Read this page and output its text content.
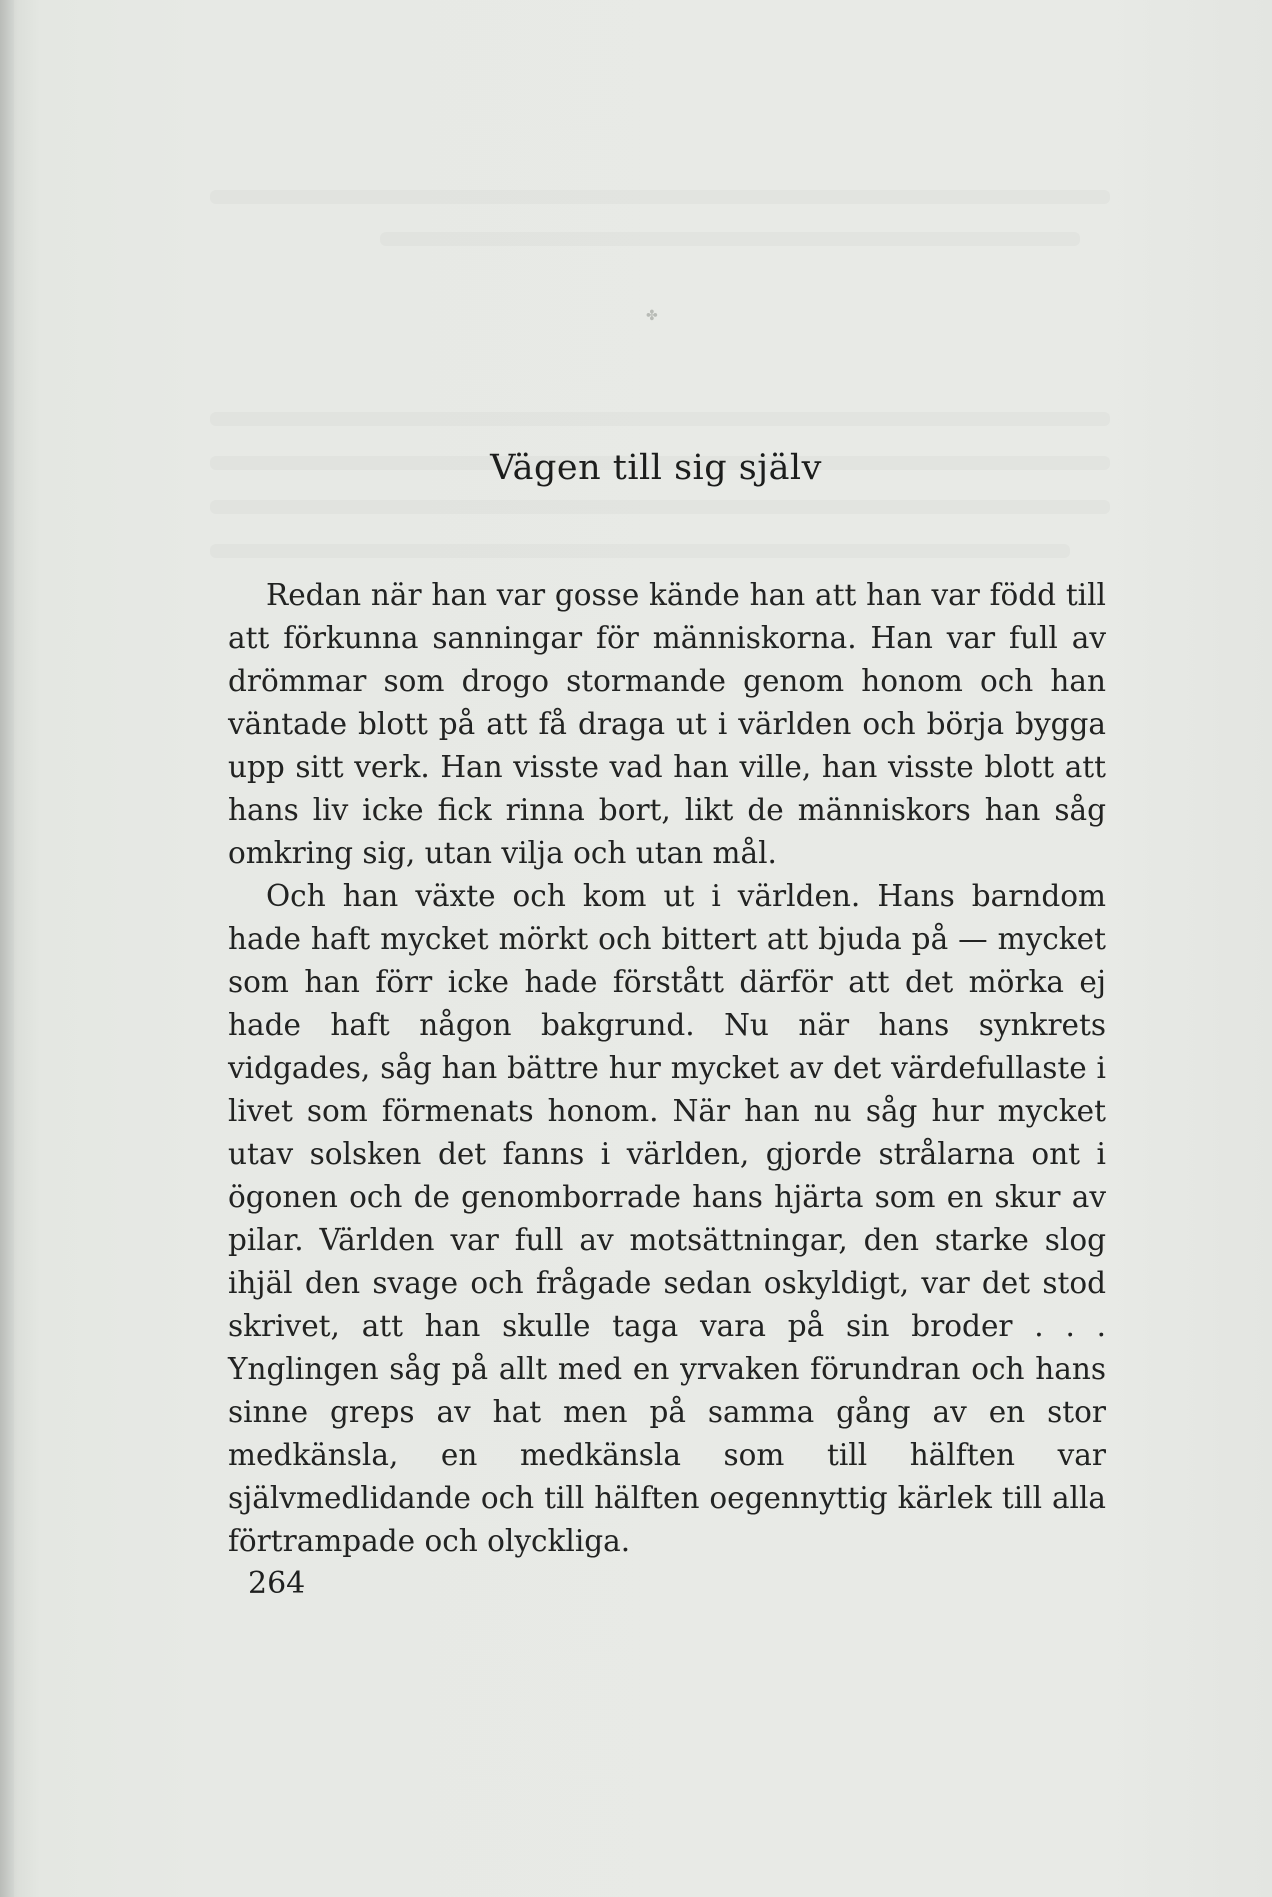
✤
Vägen till sig själv

Redan när han var gosse kände han att han var född till att förkunna sanningar för människorna. Han var full av drömmar som drogo stormande genom honom och han väntade blott på att få draga ut i världen och börja bygga upp sitt verk. Han visste vad han ville, han visste blott att hans liv icke fick rinna bort, likt de människors han såg omkring sig, utan vilja och utan mål.

Och han växte och kom ut i världen. Hans barndom hade haft mycket mörkt och bittert att bjuda på — mycket som han förr icke hade förstått därför att det mörka ej hade haft någon bakgrund. Nu när hans synkrets vidgades, såg han bättre hur mycket av det värdefullaste i livet som förmenats honom. När han nu såg hur mycket utav solsken det fanns i världen, gjorde strålarna ont i ögonen och de genomborrade hans hjärta som en skur av pilar. Världen var full av motsättningar, den starke slog ihjäl den svage och frågade sedan oskyldigt, var det stod skrivet, att han skulle taga vara på sin broder . . . Ynglingen såg på allt med en yrvaken förundran och hans sinne greps av hat men på samma gång av en stor medkänsla, en medkänsla som till hälften var självmedlidande och till hälften oegennyttig kärlek till alla förtrampade och olyckliga.

264
